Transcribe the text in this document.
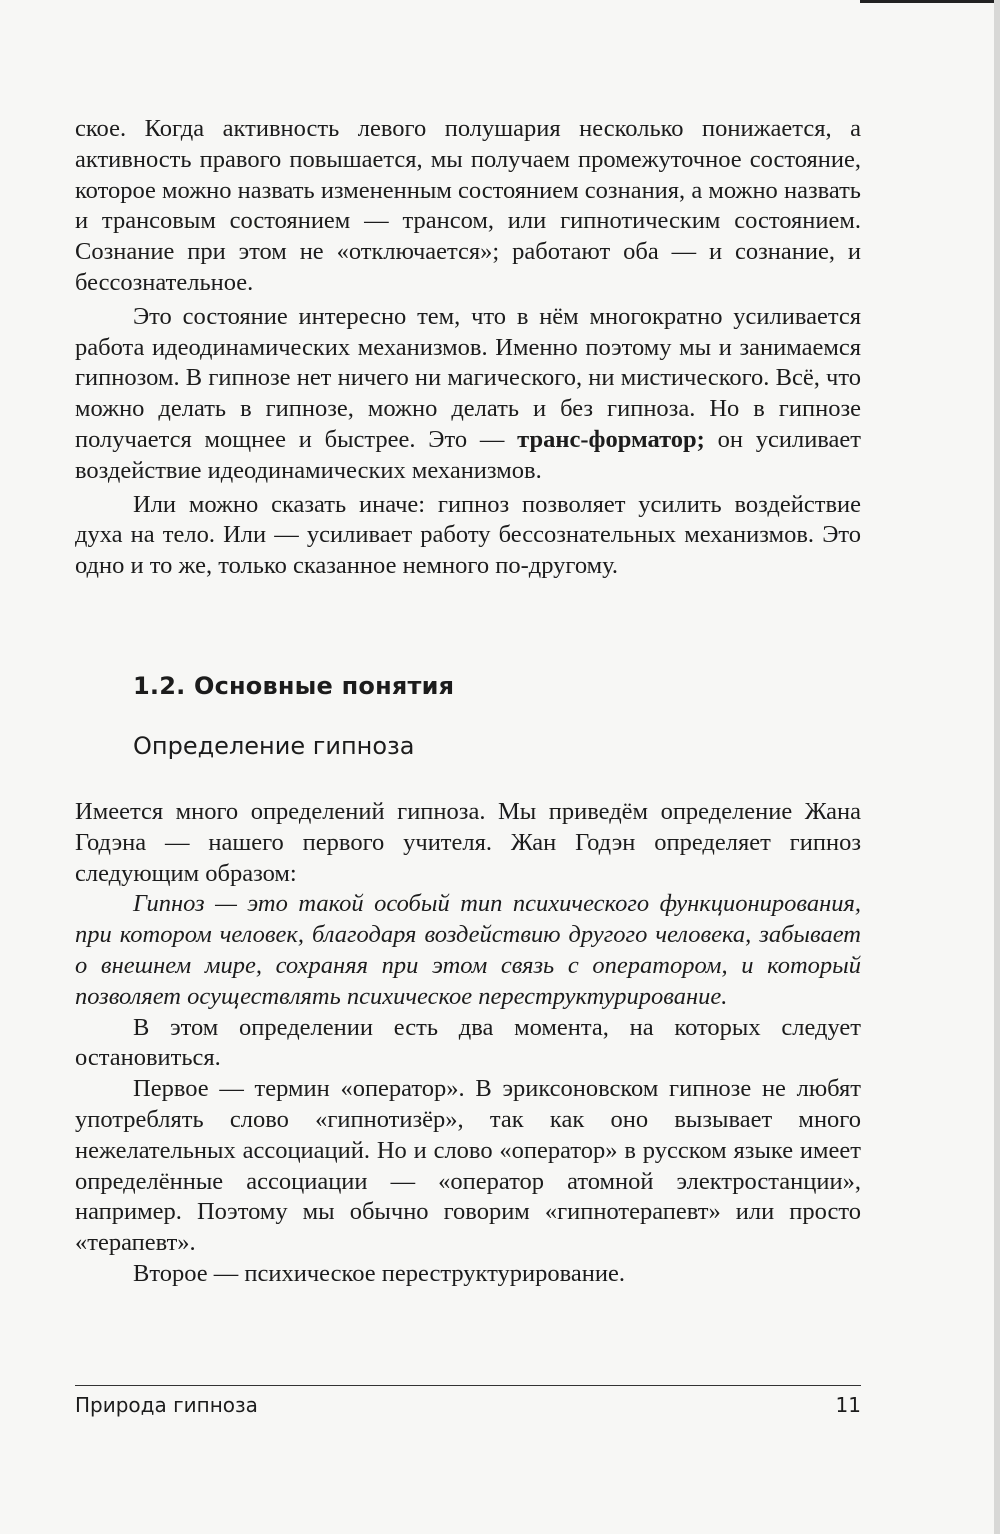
ское. Когда активность левого полушария несколько понижается, а активность правого повышается, мы получаем промежуточное состояние, которое можно назвать измененным состоянием сознания, а можно назвать и трансовым состоянием — трансом, или гипнотическим состоянием. Сознание при этом не «отключается»; работают оба — и сознание, и бессознательное.

Это состояние интересно тем, что в нём многократно усиливается работа идеодинамических механизмов. Именно поэтому мы и занимаемся гипнозом. В гипнозе нет ничего ни магического, ни мистического. Всё, что можно делать в гипнозе, можно делать и без гипноза. Но в гипнозе получается мощнее и быстрее. Это — транс-форматор; он усиливает воздействие идеодинамических механизмов.

Или можно сказать иначе: гипноз позволяет усилить воздействие духа на тело. Или — усиливает работу бессознательных механизмов. Это одно и то же, только сказанное немного по-другому.

1.2. Основные понятия
Определение гипноза

Имеется много определений гипноза. Мы приведём определение Жана Годэна — нашего первого учителя. Жан Годэн определяет гипноз следующим образом:

Гипноз — это такой особый тип психического функционирования, при котором человек, благодаря воздействию другого человека, забывает о внешнем мире, сохраняя при этом связь с оператором, и который позволяет осуществлять психическое переструктурирование.

В этом определении есть два момента, на которых следует остановиться.

Первое — термин «оператор». В эриксоновском гипнозе не любят употреблять слово «гипнотизёр», так как оно вызывает много нежелательных ассоциаций. Но и слово «оператор» в русском языке имеет определённые ассоциации — «оператор атомной электростанции», например. Поэтому мы обычно говорим «гипнотерапевт» или просто «терапевт».

Второе — психическое переструктурирование.

Природа гипноза	11
